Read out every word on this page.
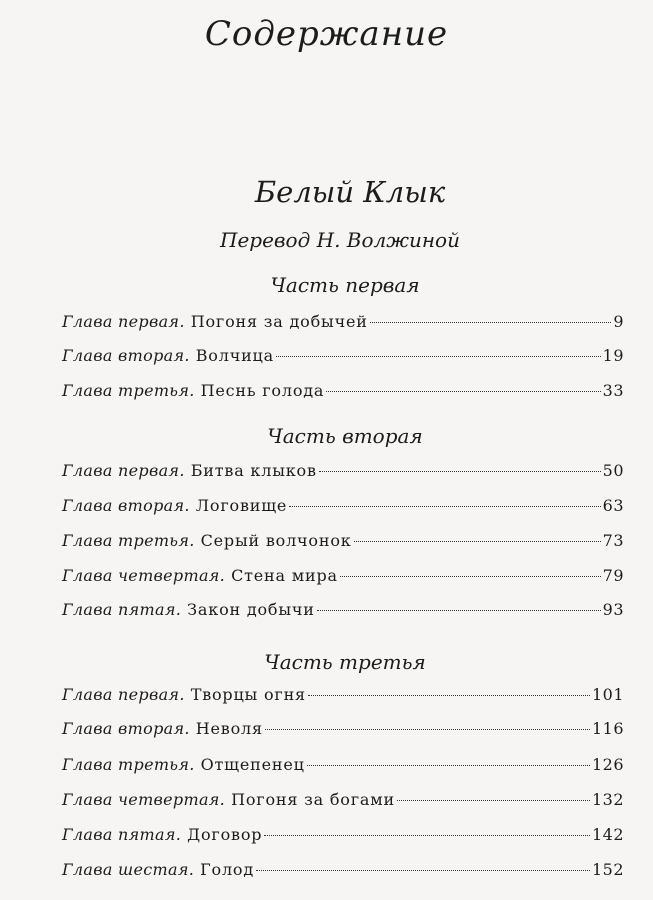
Содержание
Белый Клык
Перевод Н. Волжиной
Часть первая
Глава первая. Погоня за добычей	9
Глава вторая. Волчица	19
Глава третья. Песнь голода	33
Часть вторая
Глава первая. Битва клыков	50
Глава вторая. Логовище	63
Глава третья. Серый волчонок	73
Глава четвертая. Стена мира	79
Глава пятая. Закон добычи	93
Часть третья
Глава первая. Творцы огня	101
Глава вторая. Неволя	116
Глава третья. Отщепенец	126
Глава четвертая. Погоня за богами	132
Глава пятая. Договор	142
Глава шестая. Голод	152
